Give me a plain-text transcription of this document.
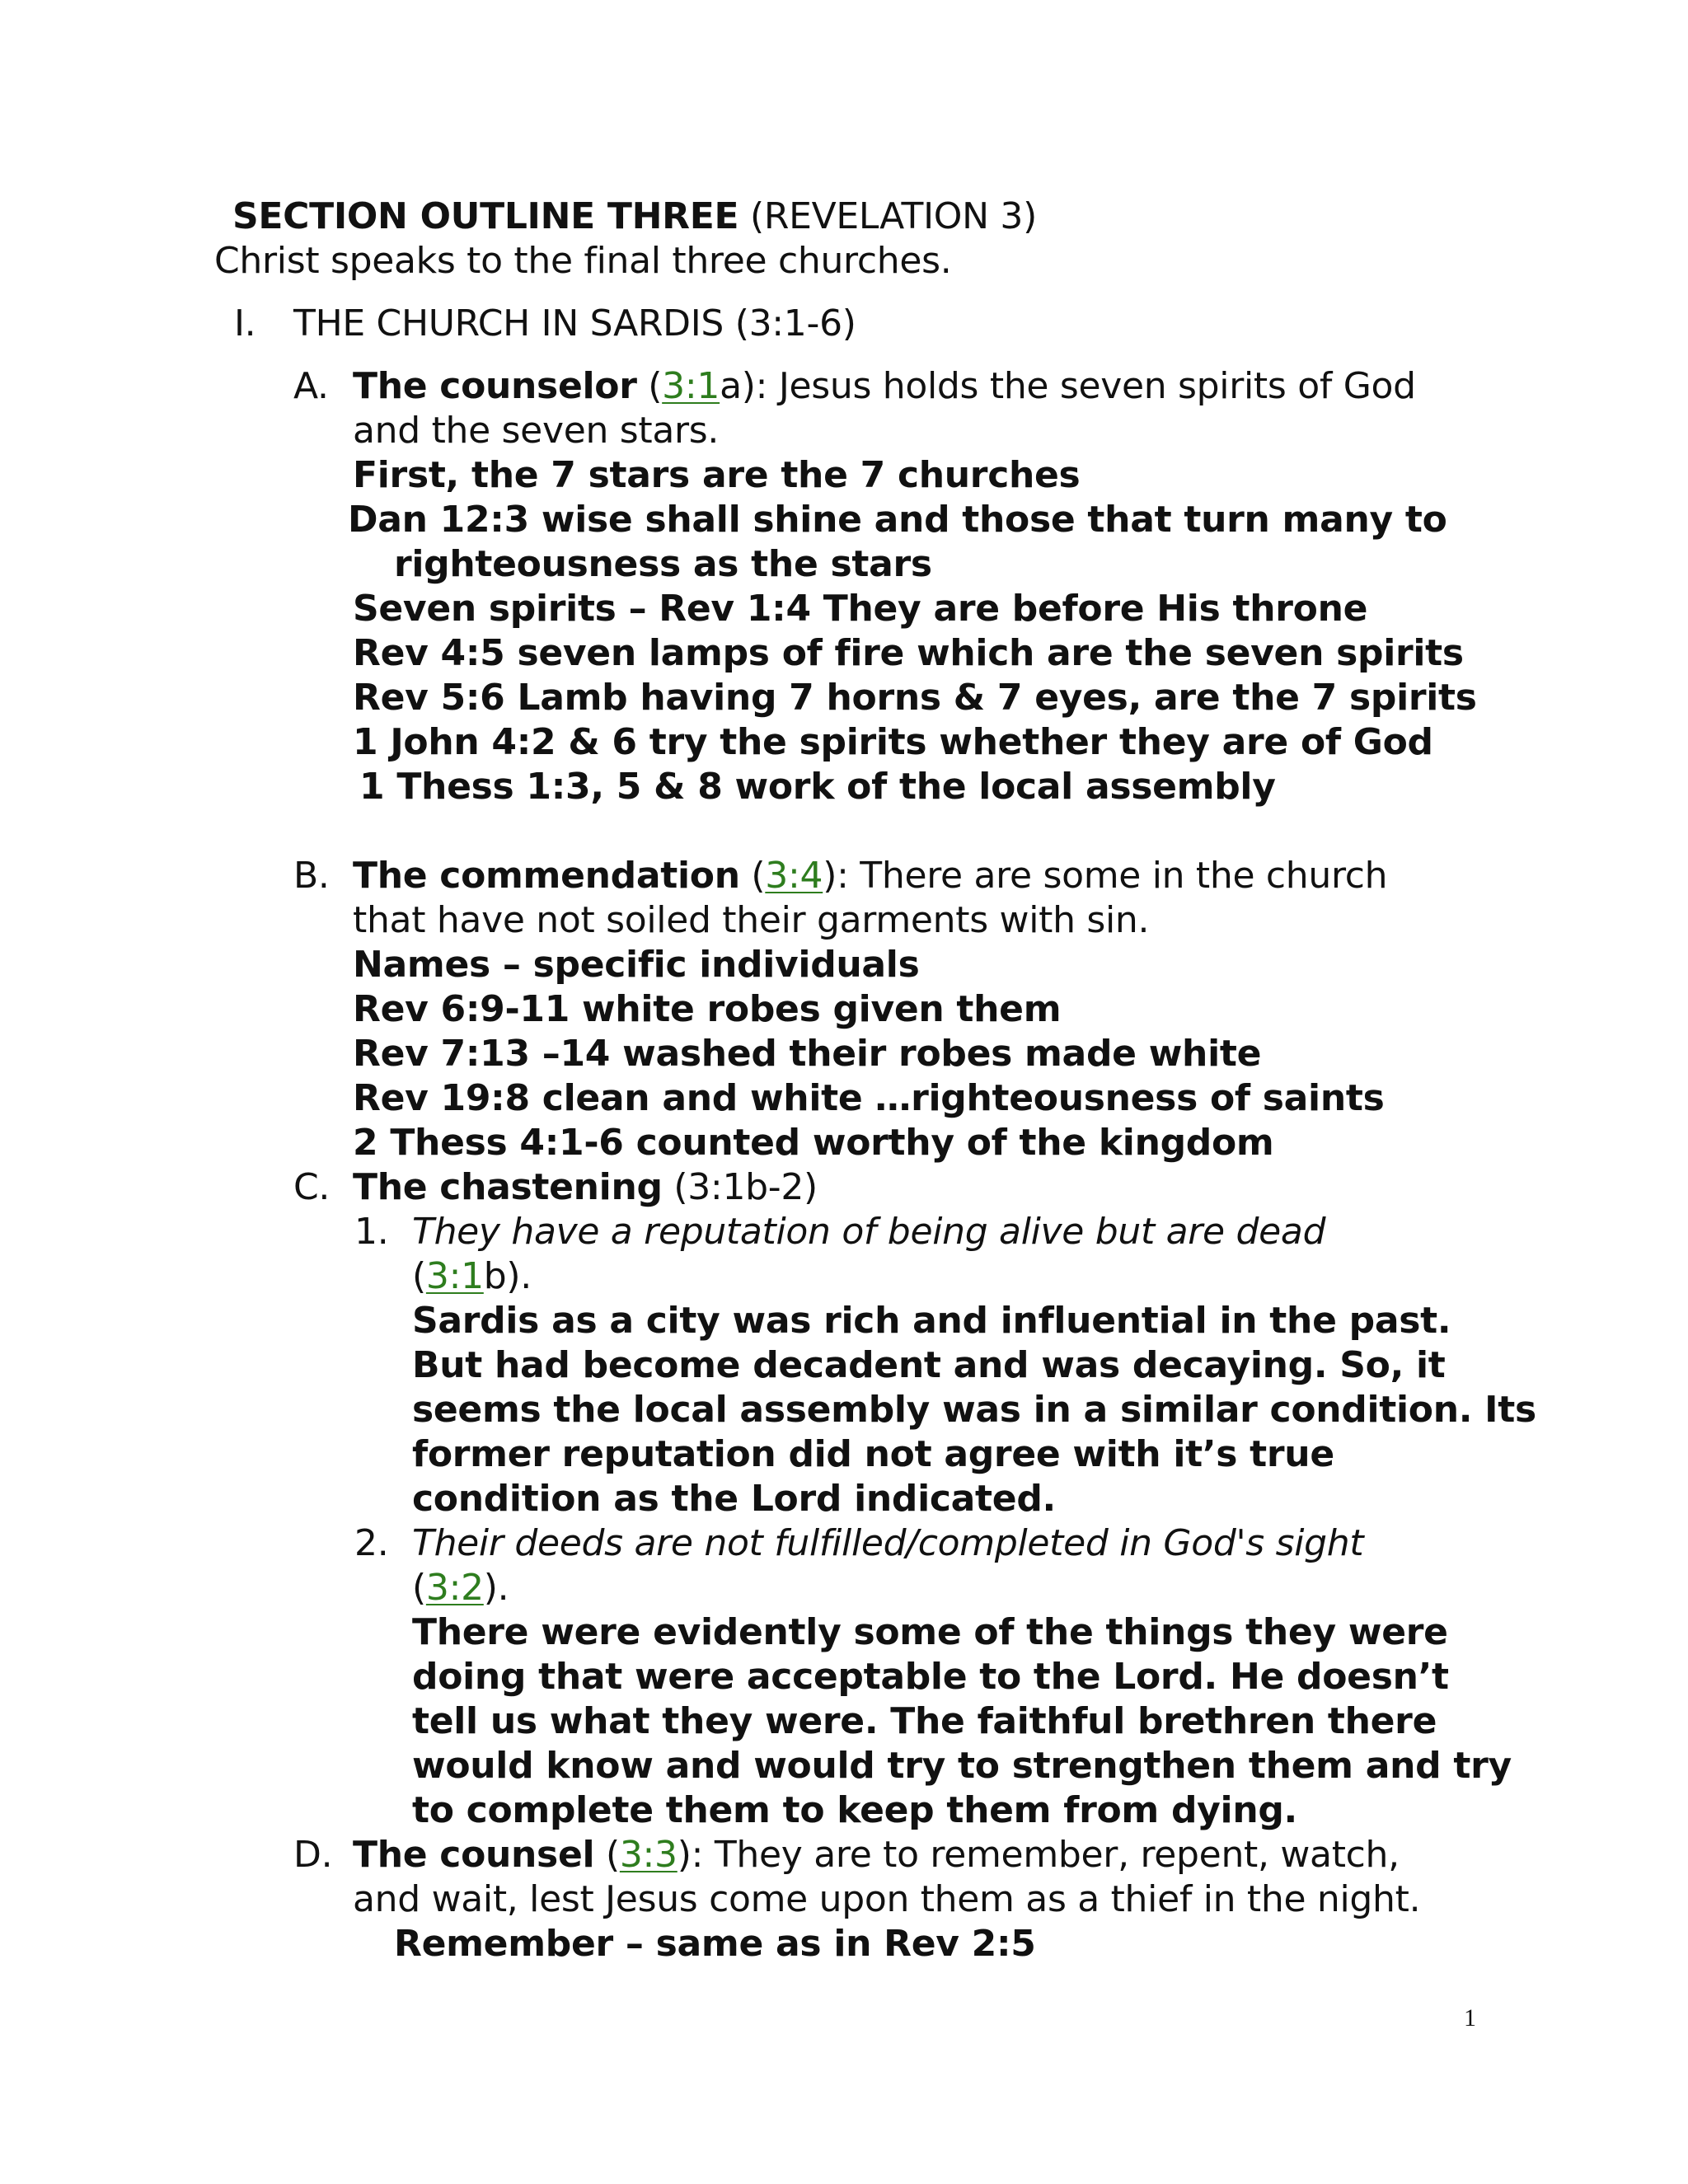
SECTION OUTLINE THREE (REVELATION 3)

Christ speaks to the final three churches.

I. THE CHURCH IN SARDIS (3:1-6)

A. The counselor (3:1a): Jesus holds the seven spirits of God

and the seven stars.

First, the 7 stars are the 7 churches

Dan 12:3 wise shall shine and those that turn many to

righteousness as the stars

Seven spirits – Rev 1:4 They are before His throne

Rev 4:5 seven lamps of fire which are the seven spirits

Rev 5:6 Lamb having 7 horns & 7 eyes, are the 7 spirits

1 John 4:2 & 6 try the spirits whether they are of God

1 Thess 1:3, 5 & 8 work of the local assembly

B. The commendation (3:4): There are some in the church

that have not soiled their garments with sin.

Names – specific individuals

Rev 6:9-11 white robes given them

Rev 7:13 –14 washed their robes made white

Rev 19:8 clean and white …righteousness of saints

2 Thess 4:1-6 counted worthy of the kingdom

C. The chastening (3:1b-2)

1. They have a reputation of being alive but are dead

(3:1b).

Sardis as a city was rich and influential in the past.

But had become decadent and was decaying. So, it

seems the local assembly was in a similar condition. Its

former reputation did not agree with it’s true

condition as the Lord indicated.

2. Their deeds are not fulfilled/completed in God's sight

(3:2).

There were evidently some of the things they were

doing that were acceptable to the Lord. He doesn’t

tell us what they were. The faithful brethren there

would know and would try to strengthen them and try

to complete them to keep them from dying.

D. The counsel (3:3): They are to remember, repent, watch,

and wait, lest Jesus come upon them as a thief in the night.

Remember – same as in Rev 2:5

1
